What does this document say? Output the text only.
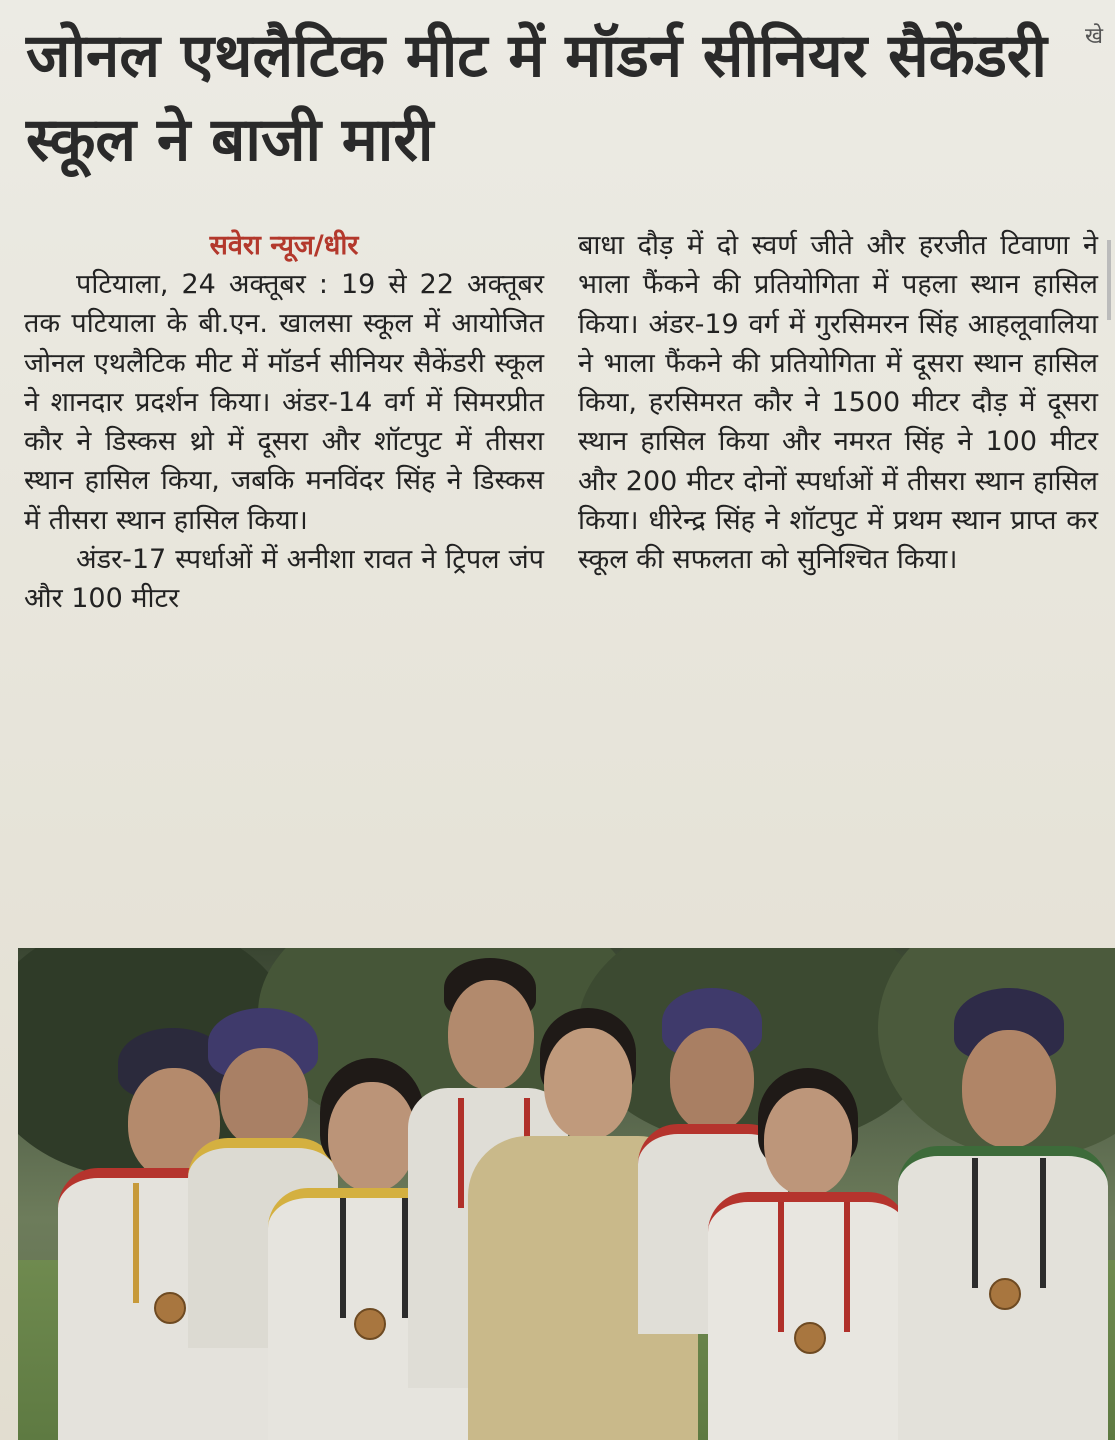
जोनल एथलैटिक मीट में मॉडर्न सीनियर सैकेंडरी स्कूल ने बाजी मारी
खे
सवेरा न्यूज/धीर

पटियाला, 24 अक्तूबर : 19 से 22 अक्तूबर तक पटियाला के बी.एन. खालसा स्कूल में आयोजित जोनल एथलैटिक मीट में मॉडर्न सीनियर सैकेंडरी स्कूल ने शानदार प्रदर्शन किया। अंडर-14 वर्ग में सिमरप्रीत कौर ने डिस्कस थ्रो में दूसरा और शॉटपुट में तीसरा स्थान हासिल किया, जबकि मनविंदर सिंह ने डिस्कस में तीसरा स्थान हासिल किया।

अंडर-17 स्पर्धाओं में अनीशा रावत ने ट्रिपल जंप और 100 मीटर

बाधा दौड़ में दो स्वर्ण जीते और हरजीत टिवाणा ने भाला फैंकने की प्रतियोगिता में पहला स्थान हासिल किया। अंडर-19 वर्ग में गुरसिमरन सिंह आहलूवालिया ने भाला फैंकने की प्रतियोगिता में दूसरा स्थान हासिल किया, हरसिमरत कौर ने 1500 मीटर दौड़ में दूसरा स्थान हासिल किया और नमरत सिंह ने 100 मीटर और 200 मीटर दोनों स्पर्धाओं में तीसरा स्थान हासिल किया। धीरेन्द्र सिंह ने शॉटपुट में प्रथम स्थान प्राप्त कर स्कूल की सफलता को सुनिश्चित किया।
